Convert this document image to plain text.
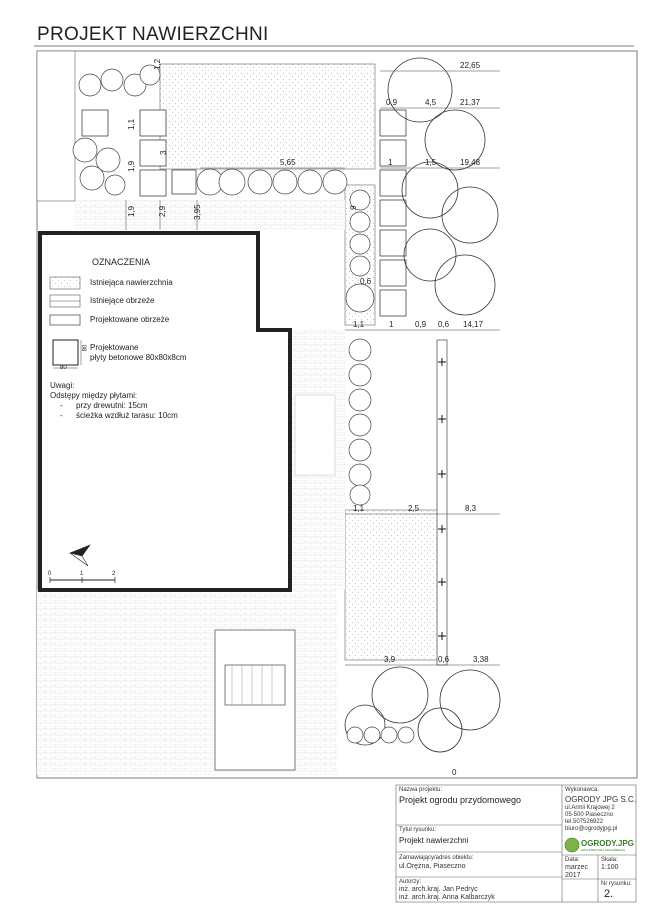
22,65
1,2
0,9	4,5	21,37
1,1
3
1,9	5,65	1	1,5	19,48
1,9	2,9	3,95	9
0,6
1,1	1	0,9 0,6 14,17
1,1	2,5	8,3
3,9	0,6	3,38
0
PROJEKT NAWIERZCHNI
OZNACZENIA
Istniejąca nawierzchnia
Istniejące obrzeże
Projektowane obrzeże
Projektowane
płyty betonowe 80x80x8cm
80
80
Uwagi:
Odstępy między płytami:
- przy drewutni: 15cm
- ścieżka wzdłuż tarasu: 10cm
0	1	2
Nazwa projektu:
Projekt ogrodu przydomowego
Tytuł rysunku:
Projekt nawierzchni
Zamawiający/adres obiektu:
ul.Orężna, Piaseczno
Autorzy:
inż. arch.kraj. Jan Pedryc
inż. arch.kraj. Anna Kalbarczyk
Wykonawca:
OGRODY JPG S.C.
ul.Armii Krajowej 2
05-500 Piaseczno
tel.507526922
biuro@ogrodyjpg.pl
OGRODY.JPG
ARCHITEKTURA KRAJOBRAZU
Data:
marzec 2017
Skala:
1:100
Nr rysunku:
2.
